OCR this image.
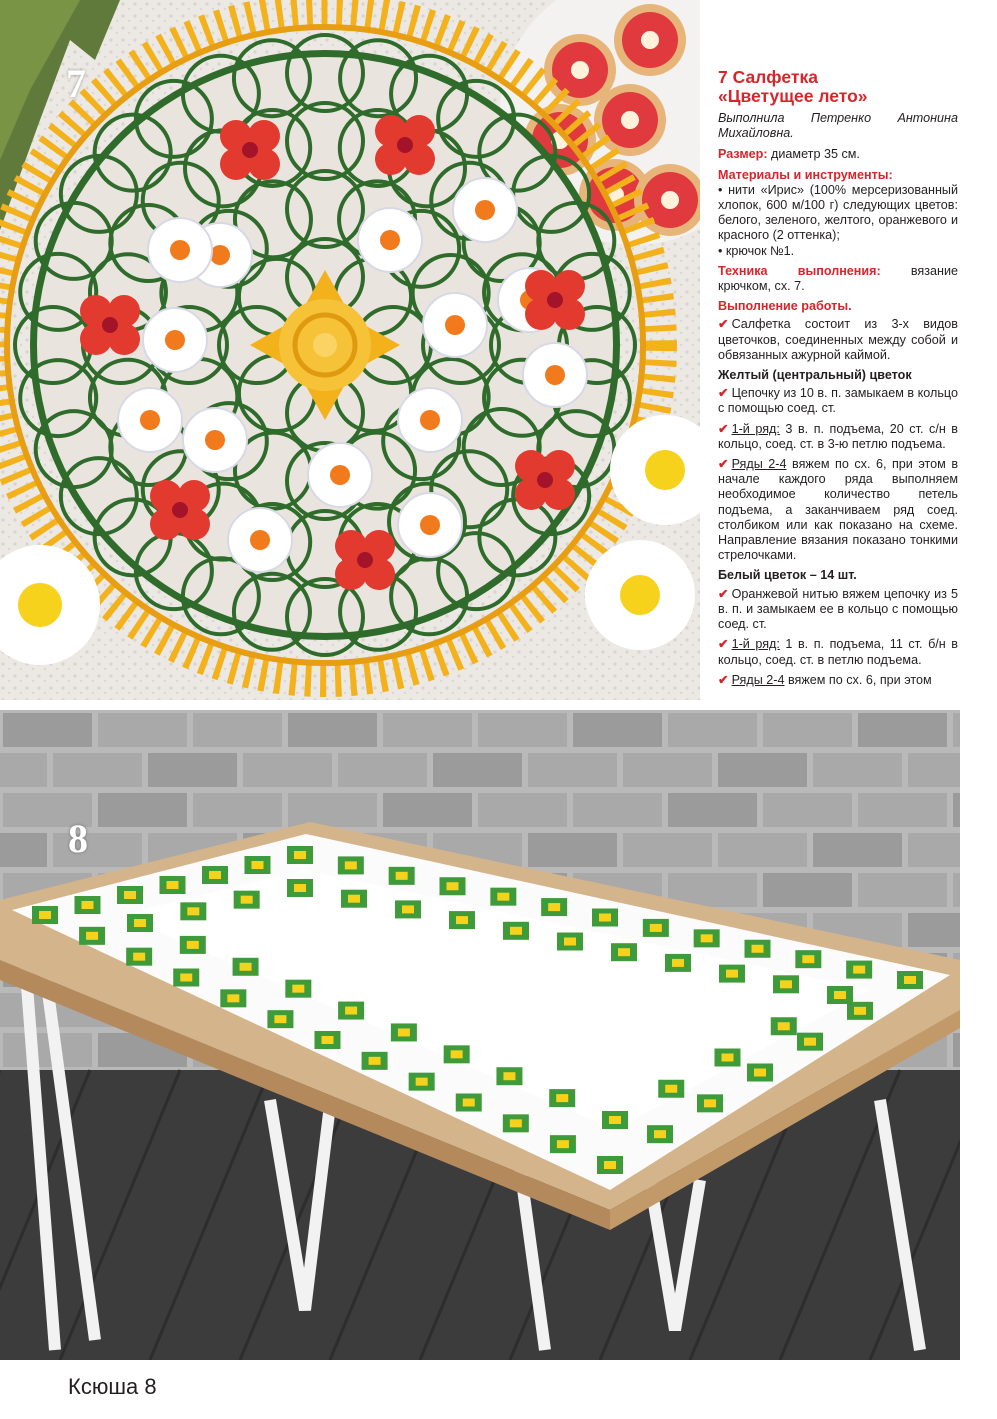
7	7 Салфетка
«Цветущее лето»

Выполнила Петренко Антонина Михайловна.

Размер: диаметр 35 см.

Материалы и инструменты:

• нити «Ирис» (100% мерсеризованный хлопок, 600 м/100 г) следующих цветов: белого, зеленого, желтого, оранжевого и красного (2 оттенка);

• крючок №1.

Техника выполнения: вязание крючком, сх. 7.

Выполнение работы.

✔ Салфетка состоит из 3-х видов цветочков, соединенных между собой и обвязанных ажурной каймой.

Желтый (центральный) цветок

✔ Цепочку из 10 в. п. замыкаем в кольцо с помощью соед. ст.

✔ 1-й ряд: 3 в. п. подъема, 20 ст. с/н в кольцо, соед. ст. в 3-ю петлю подъема.

✔ Ряды 2-4 вяжем по сх. 6, при этом в начале каждого ряда выполняем необходимое количество петель подъема, а заканчиваем ряд соед. столбиком или как показано на схеме. Направление вязания показано тонкими стрелочками.

Белый цветок – 14 шт.

✔ Оранжевой нитью вяжем цепочку из 5 в. п. и замыкаем ее в кольцо с помощью соед. ст.

✔ 1-й ряд: 1 в. п. подъема, 11 ст. б/н в кольцо, соед. ст. в петлю подъема.

✔ Ряды 2-4 вяжем по сх. 6, при этом

8
Ксюша 8
